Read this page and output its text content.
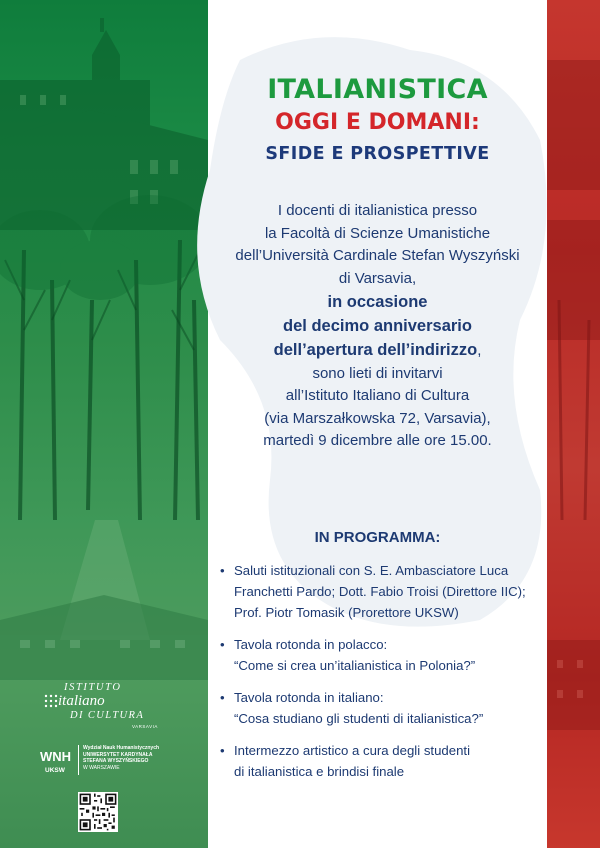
ITALIANISTICA
OGGI E DOMANI:
SFIDE E PROSPETTIVE
I docenti di italianistica presso
la Facoltà di Scienze Umanistiche
dell’Università Cardinale Stefan Wyszyński
di Varsavia,
in occasione
del decimo anniversario
dell’apertura dell’indirizzo,
sono lieti di invitarvi
all’Istituto Italiano di Cultura
(via Marszałkowska 72, Varsavia),
martedì 9 dicembre alle ore 15.00.
IN PROGRAMMA:
• Saluti istituzionali con S. E. Ambasciatore Luca
Franchetti Pardo; Dott. Fabio Troisi (Direttore IIC);
Prof. Piotr Tomasik (Prorettore UKSW)
• Tavola rotonda in polacco:
“Come si crea un’italianistica in Polonia?”
• Tavola rotonda in italiano:
“Cosa studiano gli studenti di italianistica?”
• Intermezzo artistico a cura degli studenti
di italianistica e brindisi finale
ISTITUTO
italiano
DI CULTURA
VARSAVIA
WNH
UKSW
Wydział Nauk Humanistycznych
UNIWERSYTET KARDYNAŁA
STEFANA WYSZYŃSKIEGO
W WARSZAWIE
